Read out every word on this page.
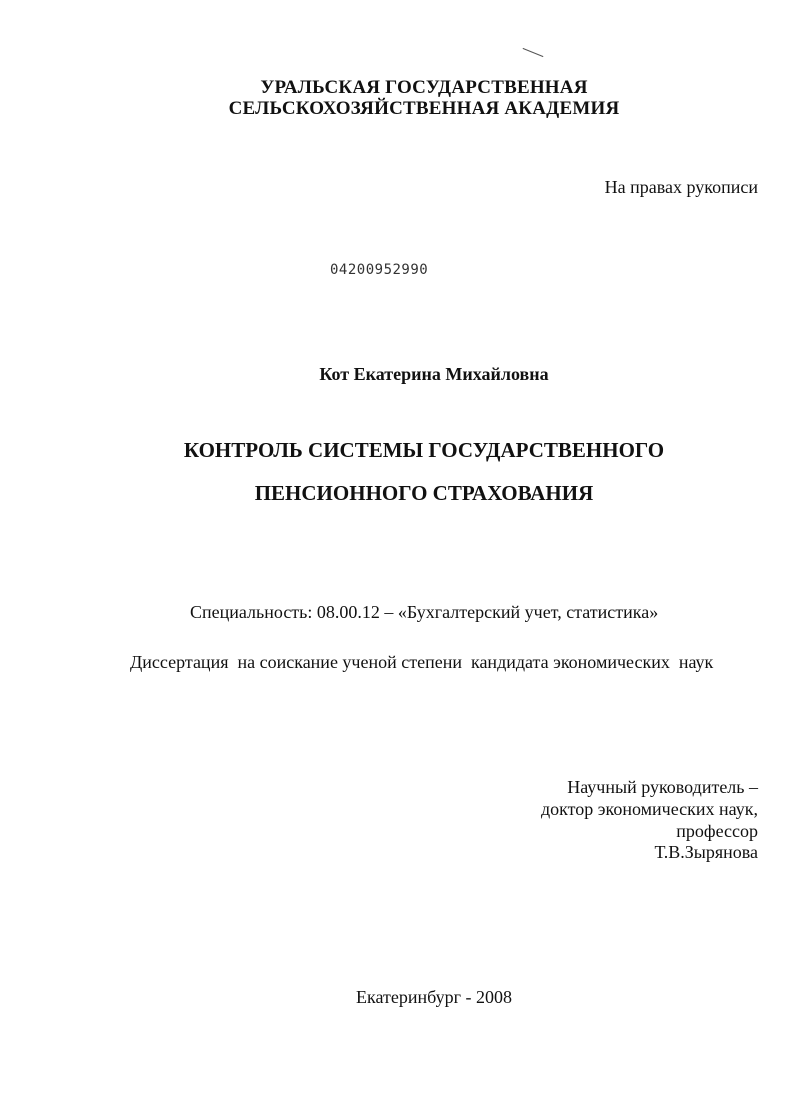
УРАЛЬСКАЯ ГОСУДАРСТВЕННАЯ
СЕЛЬСКОХОЗЯЙСТВЕННАЯ АКАДЕМИЯ
На правах рукописи
04200952990
Кот Екатерина Михайловна
КОНТРОЛЬ СИСТЕМЫ ГОСУДАРСТВЕННОГО
ПЕНСИОННОГО СТРАХОВАНИЯ
Специальность: 08.00.12 – «Бухгалтерский учет, статистика»
Диссертация  на соискание ученой степени  кандидата экономических  наук
Научный руководитель –
доктор экономических наук,
профессор
Т.В.Зырянова
Екатеринбург - 2008
